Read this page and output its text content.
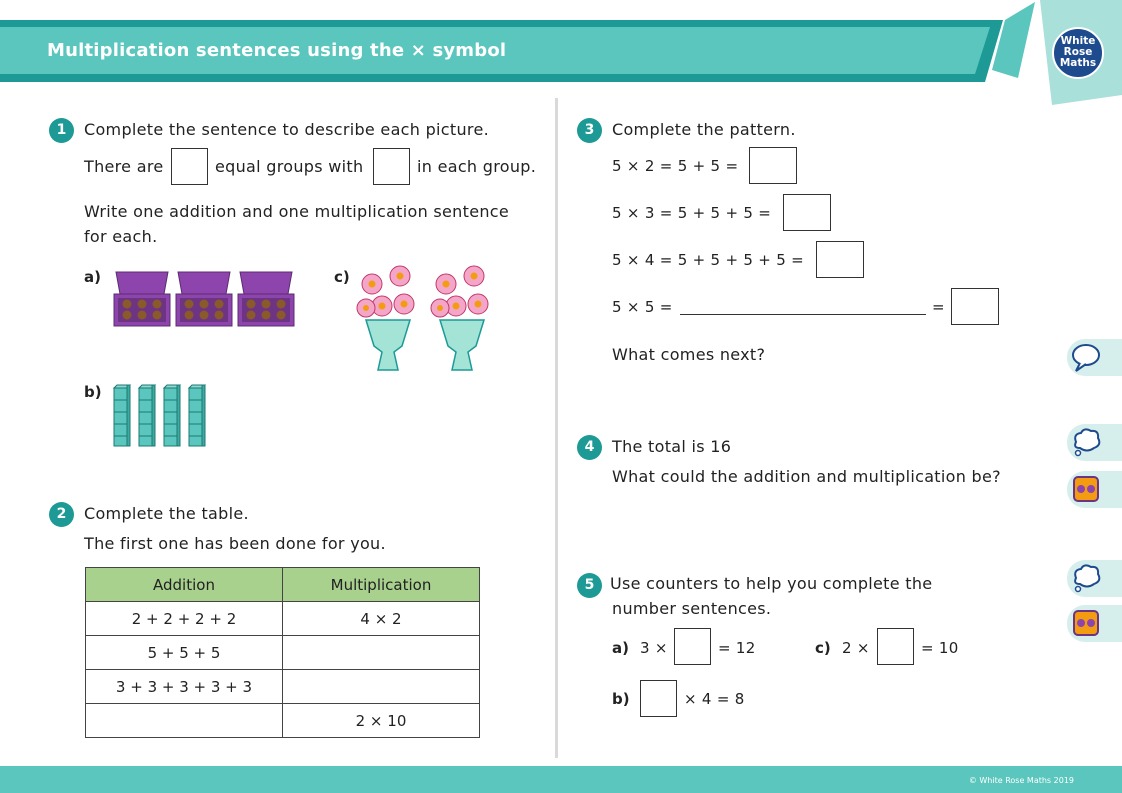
Multiplication sentences using the × symbol	White
Rose
Maths
1	Complete the sentence to describe each picture.
There are	equal groups with	in each group.
Write one addition and one multiplication sentence
for each.
a)	c)
b)
2	Complete the table.
The first one has been done for you.
Addition	Multiplication
2 + 2 + 2 + 2	4 × 2
5 + 5 + 5	
3 + 3 + 3 + 3 + 3	
	2 × 10
3	Complete the pattern.
5 × 2 = 5 + 5 =
5 × 3 = 5 + 5 + 5 =
5 × 4 = 5 + 5 + 5 + 5 =
5 × 5 =	=
What comes next?
4	The total is 16
What could the addition and multiplication be?
5 Use counters to help you complete the
number sentences.
a) 3 ×	= 12	c) 2 ×	= 10
b)	× 4 = 8
© White Rose Maths 2019
